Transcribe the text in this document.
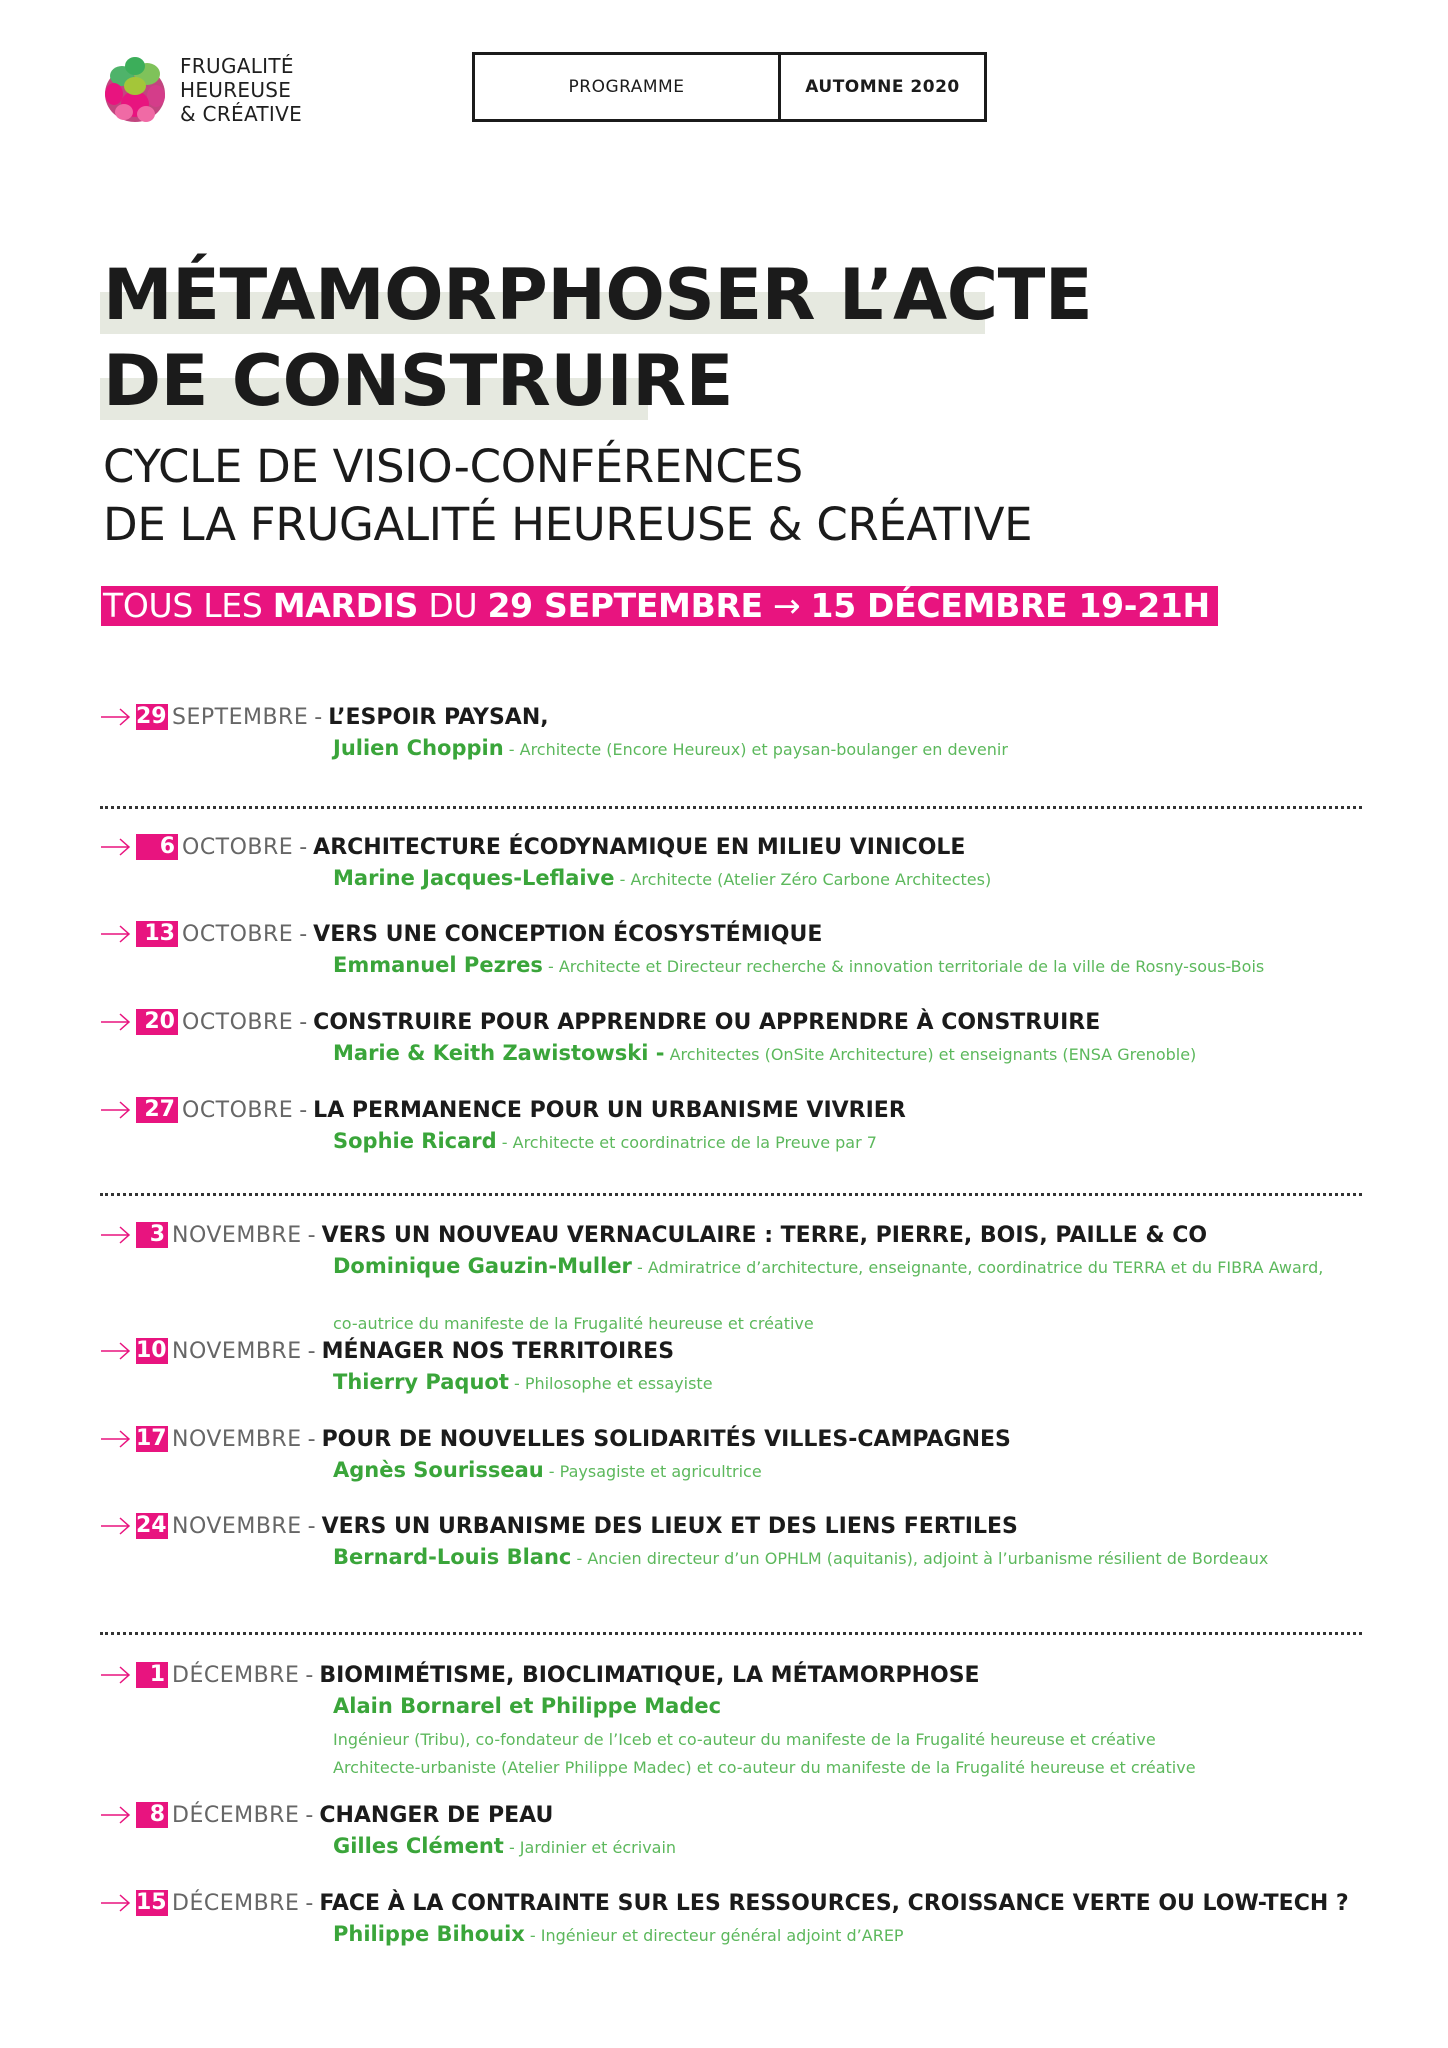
FRUGALITÉ
HEUREUSE
& CRÉATIVE
PROGRAMME	AUTOMNE 2020
MÉTAMORPHOSER L’ACTE
DE CONSTRUIRE
CYCLE DE VISIO-CONFÉRENCES
DE LA FRUGALITÉ HEUREUSE & CRÉATIVE
TOUS LES MARDIS DU 29 SEPTEMBRE → 15 DÉCEMBRE 19-21H
29 SEPTEMBRE - L’ESPOIR PAYSAN,
Julien Choppin - Architecte (Encore Heureux) et paysan-boulanger en devenir
6 OCTOBRE - ARCHITECTURE ÉCODYNAMIQUE EN MILIEU VINICOLE
Marine Jacques-Leflaive - Architecte (Atelier Zéro Carbone Architectes)
13 OCTOBRE - VERS UNE CONCEPTION ÉCOSYSTÉMIQUE
Emmanuel Pezres - Architecte et Directeur recherche & innovation territoriale de la ville de Rosny-sous-Bois
20 OCTOBRE - CONSTRUIRE POUR APPRENDRE OU APPRENDRE À CONSTRUIRE
Marie & Keith Zawistowski - Architectes (OnSite Architecture) et enseignants (ENSA Grenoble)
27 OCTOBRE - LA PERMANENCE POUR UN URBANISME VIVRIER
Sophie Ricard - Architecte et coordinatrice de la Preuve par 7
3 NOVEMBRE - VERS UN NOUVEAU VERNACULAIRE : TERRE, PIERRE, BOIS, PAILLE & CO
Dominique Gauzin-Muller - Admiratrice d’architecture, enseignante, coordinatrice du TERRA et du FIBRA Award,
co-autrice du manifeste de la Frugalité heureuse et créative
10 NOVEMBRE - MÉNAGER NOS TERRITOIRES
Thierry Paquot - Philosophe et essayiste
17 NOVEMBRE - POUR DE NOUVELLES SOLIDARITÉS VILLES-CAMPAGNES
Agnès Sourisseau - Paysagiste et agricultrice
24 NOVEMBRE - VERS UN URBANISME DES LIEUX ET DES LIENS FERTILES
Bernard-Louis Blanc - Ancien directeur d’un OPHLM (aquitanis), adjoint à l’urbanisme résilient de Bordeaux
1 DÉCEMBRE - BIOMIMÉTISME, BIOCLIMATIQUE, LA MÉTAMORPHOSE
Alain Bornarel et Philippe Madec
Ingénieur (Tribu), co-fondateur de l’Iceb et co-auteur du manifeste de la Frugalité heureuse et créative
Architecte-urbaniste (Atelier Philippe Madec) et co-auteur du manifeste de la Frugalité heureuse et créative
8 DÉCEMBRE - CHANGER DE PEAU
Gilles Clément - Jardinier et écrivain
15 DÉCEMBRE - FACE À LA CONTRAINTE SUR LES RESSOURCES, CROISSANCE VERTE OU LOW-TECH ?
Philippe Bihouix - Ingénieur et directeur général adjoint d’AREP
